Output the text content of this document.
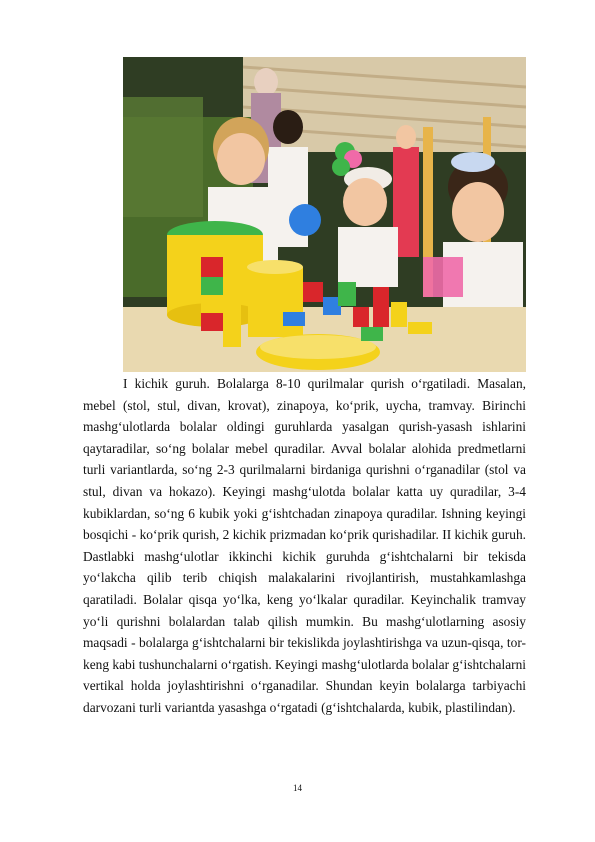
I kichik guruh. Bolalarga 8-10 qurilmalar qurish o‘rgatiladi. Masalan, mebel (stol, stul, divan, krovat), zinapoya, ko‘prik, uycha, tramvay. Birinchi mashg‘ulotlarda bolalar oldingi guruhlarda yasalgan qurish-yasash ishlarini qaytaradilar, so‘ng bolalar mebel quradilar. Avval bolalar alohida predmetlarni turli variantlarda, so‘ng 2-3 qurilmalarni birdaniga qurishni o‘rganadilar (stol va stul, divan va hokazo). Keyingi mashg‘ulotda bolalar katta uy quradilar, 3-4 kubiklardan, so‘ng 6 kubik yoki g‘ishtchadan zinapoya quradilar. Ishning keyingi bosqichi - ko‘prik qurish, 2 kichik prizmadan ko‘prik qurishadilar. II kichik guruh. Dastlabki mashg‘ulotlar ikkinchi kichik guruhda g‘ishtchalarni bir tekisda yo‘lakcha qilib terib chiqish malakalarini rivojlantirish, mustahkamlashga qaratiladi. Bolalar qisqa yo‘lka, keng yo‘lkalar quradilar. Keyinchalik tramvay yo‘li qurishni bolalardan talab qilish mumkin. Bu mashg‘ulotlarning asosiy maqsadi - bolalarga g‘ishtchalarni bir tekislikda joylashtirishga va uzun-qisqa, tor-keng kabi tushunchalarni o‘rgatish. Keyingi mashg‘ulotlarda bolalar g‘ishtchalarni vertikal holda joylashtirishni o‘rganadilar. Shundan keyin bolalarga tarbiyachi darvozani turli variantda yasashga o‘rgatadi (g‘ishtchalarda, kubik, plastilindan).

14
